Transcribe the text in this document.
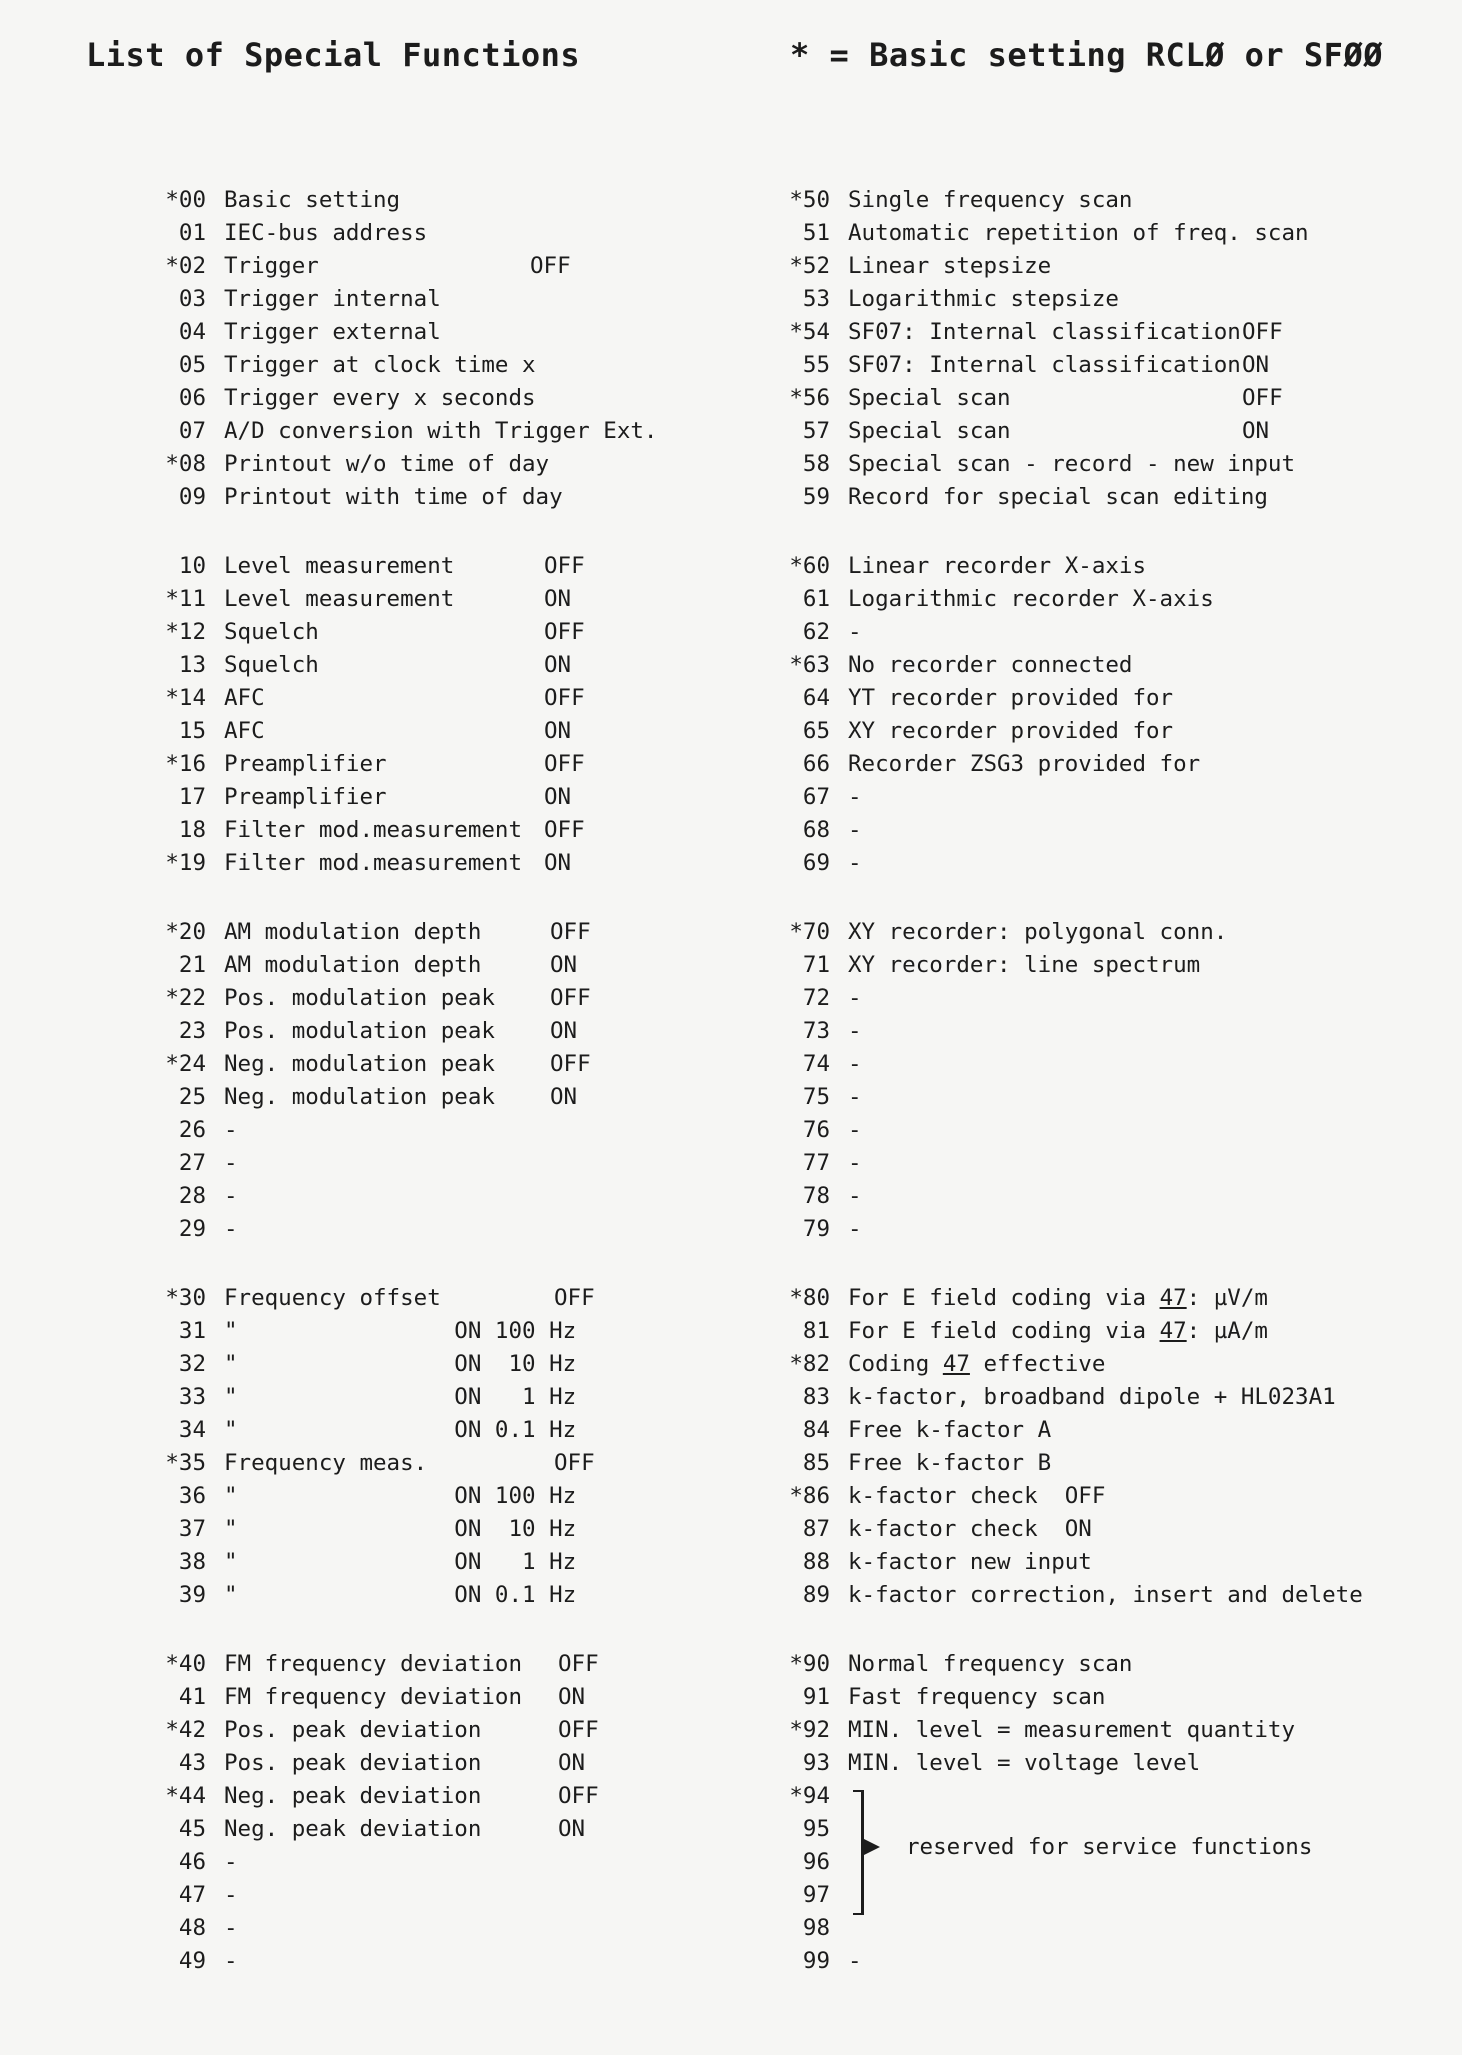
List of Special Functions	* = Basic setting RCLØ or SFØØ
*00 Basic setting
01 IEC-bus address
*02 Trigger	OFF
03 Trigger internal
04 Trigger external
05 Trigger at clock time x
06 Trigger every x seconds
07 A/D conversion with Trigger Ext.
*08 Printout w/o time of day
09 Printout with time of day
10 Level measurement	OFF
*11 Level measurement	ON
*12 Squelch	OFF
13 Squelch	ON
*14 AFC	OFF
15 AFC	ON
*16 Preamplifier	OFF
17 Preamplifier	ON
18 Filter mod.measurement OFF
*19 Filter mod.measurement ON
*20 AM modulation depth	OFF
21 AM modulation depth	ON
*22 Pos. modulation peak OFF
23 Pos. modulation peak ON
*24 Neg. modulation peak OFF
25 Neg. modulation peak ON
26 -
27 -
28 -
29 -
*30 Frequency offset	OFF
31 "                ON 100 Hz
32 "                ON  10 Hz
33 "                ON   1 Hz
34 "                ON 0.1 Hz
*35 Frequency meas.	OFF
36 "                ON 100 Hz
37 "                ON  10 Hz
38 "                ON   1 Hz
39 "                ON 0.1 Hz
*40 FM frequency deviation OFF
41 FM frequency deviation ON
*42 Pos. peak deviation	OFF
43 Pos. peak deviation	ON
*44 Neg. peak deviation	OFF
45 Neg. peak deviation	ON
46 -
47 -
48 -
49 -
*50 Single frequency scan
51 Automatic repetition of freq. scan
*52 Linear stepsize
53 Logarithmic stepsize
*54 SF07: Internal classification OFF
55 SF07: Internal classification ON
*56 Special scan	OFF
57 Special scan	ON
58 Special scan - record - new input
59 Record for special scan editing
*60 Linear recorder X-axis
61 Logarithmic recorder X-axis
62 -
*63 No recorder connected
64 YT recorder provided for
65 XY recorder provided for
66 Recorder ZSG3 provided for
67 -
68 -
69 -
*70 XY recorder: polygonal conn.
71 XY recorder: line spectrum
72 -
73 -
74 -
75 -
76 -
77 -
78 -
79 -
*80 For E field coding via 47: µV/m
81 For E field coding via 47: µA/m
*82 Coding 47 effective
83 k-factor, broadband dipole + HL023A1
84 Free k-factor A
85 Free k-factor B
*86 k-factor check  OFF
87 k-factor check  ON
88 k-factor new input
89 k-factor correction, insert and delete
*90 Normal frequency scan
91 Fast frequency scan
*92 MIN. level = measurement quantity
93 MIN. level = voltage level
*94
95
96
97
98
99 -
reserved for service functions
